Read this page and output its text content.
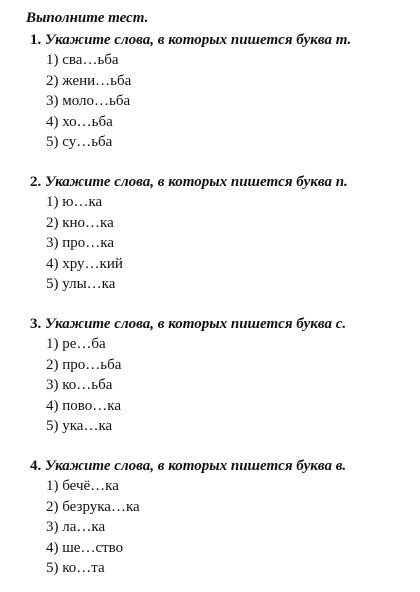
Выполните тест.
1. Укажите слова, в которых пишется буква т.
1) сва…ьба
2) жени…ьба
3) моло…ьба
4) хо…ьба
5) су…ьба
2. Укажите слова, в которых пишется буква п.
1) ю…ка
2) кно…ка
3) про…ка
4) хру…кий
5) улы…ка
3. Укажите слова, в которых пишется буква с.
1) ре…ба
2) про…ьба
3) ко…ьба
4) пово…ка
5) ука…ка
4. Укажите слова, в которых пишется буква в.
1) бечё…ка
2) безрука…ка
3) ла…ка
4) ше…ство
5) ко…та
